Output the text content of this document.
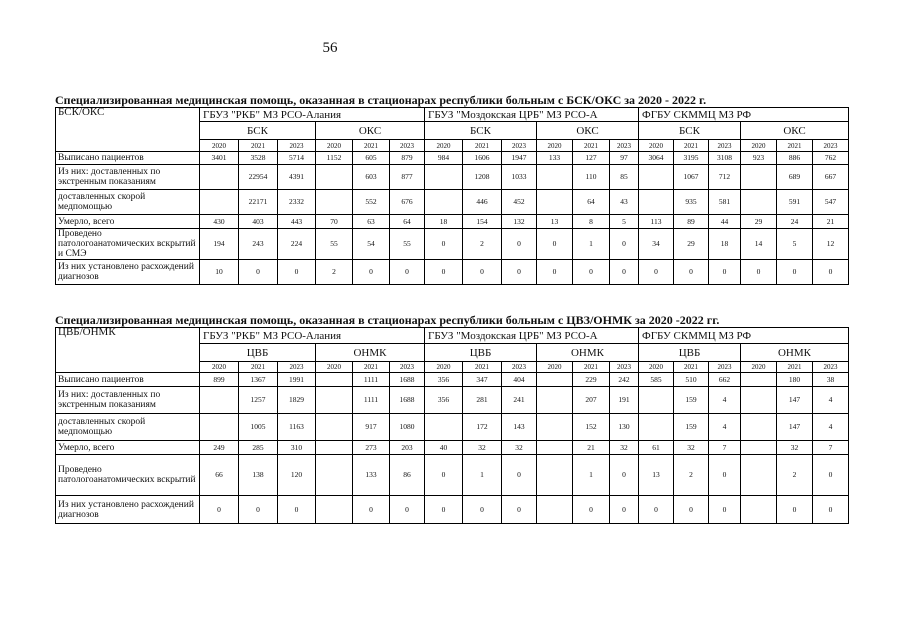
56
Специализированная медицинская помощь, оказанная в стационарах республики больным с БСК/ОКС за 2020 - 2022 г.
БСК/ОКС	ГБУЗ "РКБ" МЗ РСО-Алания						ГБУЗ "Моздокская ЦРБ" МЗ РСО-А						ФГБУ СКММЦ МЗ РФ					
	БСК			ОКС			БСК			ОКС			БСК			ОКС		
	2020	2021	2023	2020	2021	2023	2020	2021	2023	2020	2021	2023	2020	2021	2023	2020	2021	2023
Выписано пациентов	3401	3528	5714	1152	605	879	984	1606	1947	133	127	97	3064	3195	3108	923	886	762
Из них: доставленных по экстренным показаниям		22954	4391		603	877		1208	1033		110	85		1067	712		689	667
доставленных скорой медпомощью		22171	2332		552	676		446	452		64	43		935	581		591	547
Умерло, всего	430	403	443	70	63	64	18	154	132	13	8	5	113	89	44	29	24	21
Проведено патологоанатомических вскрытий и СМЭ	194	243	224	55	54	55	0	2	0	0	1	0	34	29	18	14	5	12
Из них установлено расхождений диагнозов	10	0	0	2	0	0	0	0	0	0	0	0	0	0	0	0	0	0
Специализированная медицинская помощь, оказанная в стационарах республики больным с ЦВЗ/ОНМК за 2020 -2022 гг.
ЦВБ/ОНМК	ГБУЗ "РКБ" МЗ РСО-Алания						ГБУЗ "Моздокская ЦРБ" МЗ РСО-А						ФГБУ СКММЦ МЗ РФ					
	ЦВБ			ОНМК			ЦВБ			ОНМК			ЦВБ			ОНМК		
	2020	2021	2023	2020	2021	2023	2020	2021	2023	2020	2021	2023	2020	2021	2023	2020	2021	2023
Выписано пациентов	899	1367	1991		1111	1688	356	347	404		229	242	585	510	662		180	38
Из них: доставленных по экстренным показаниям		1257	1829		1111	1688	356	281	241		207	191		159	4		147	4
доставленных скорой медпомощью		1005	1163		917	1080		172	143		152	130		159	4		147	4
Умерло, всего	249	285	310		273	203	40	32	32		21	32	61	32	7		32	7
Проведено патологоанатомических вскрытий	66	138	120		133	86	0	1	0		1	0	13	2	0		2	0
Из них установлено расхождений диагнозов	0	0	0		0	0	0	0	0		0	0	0	0	0		0	0
